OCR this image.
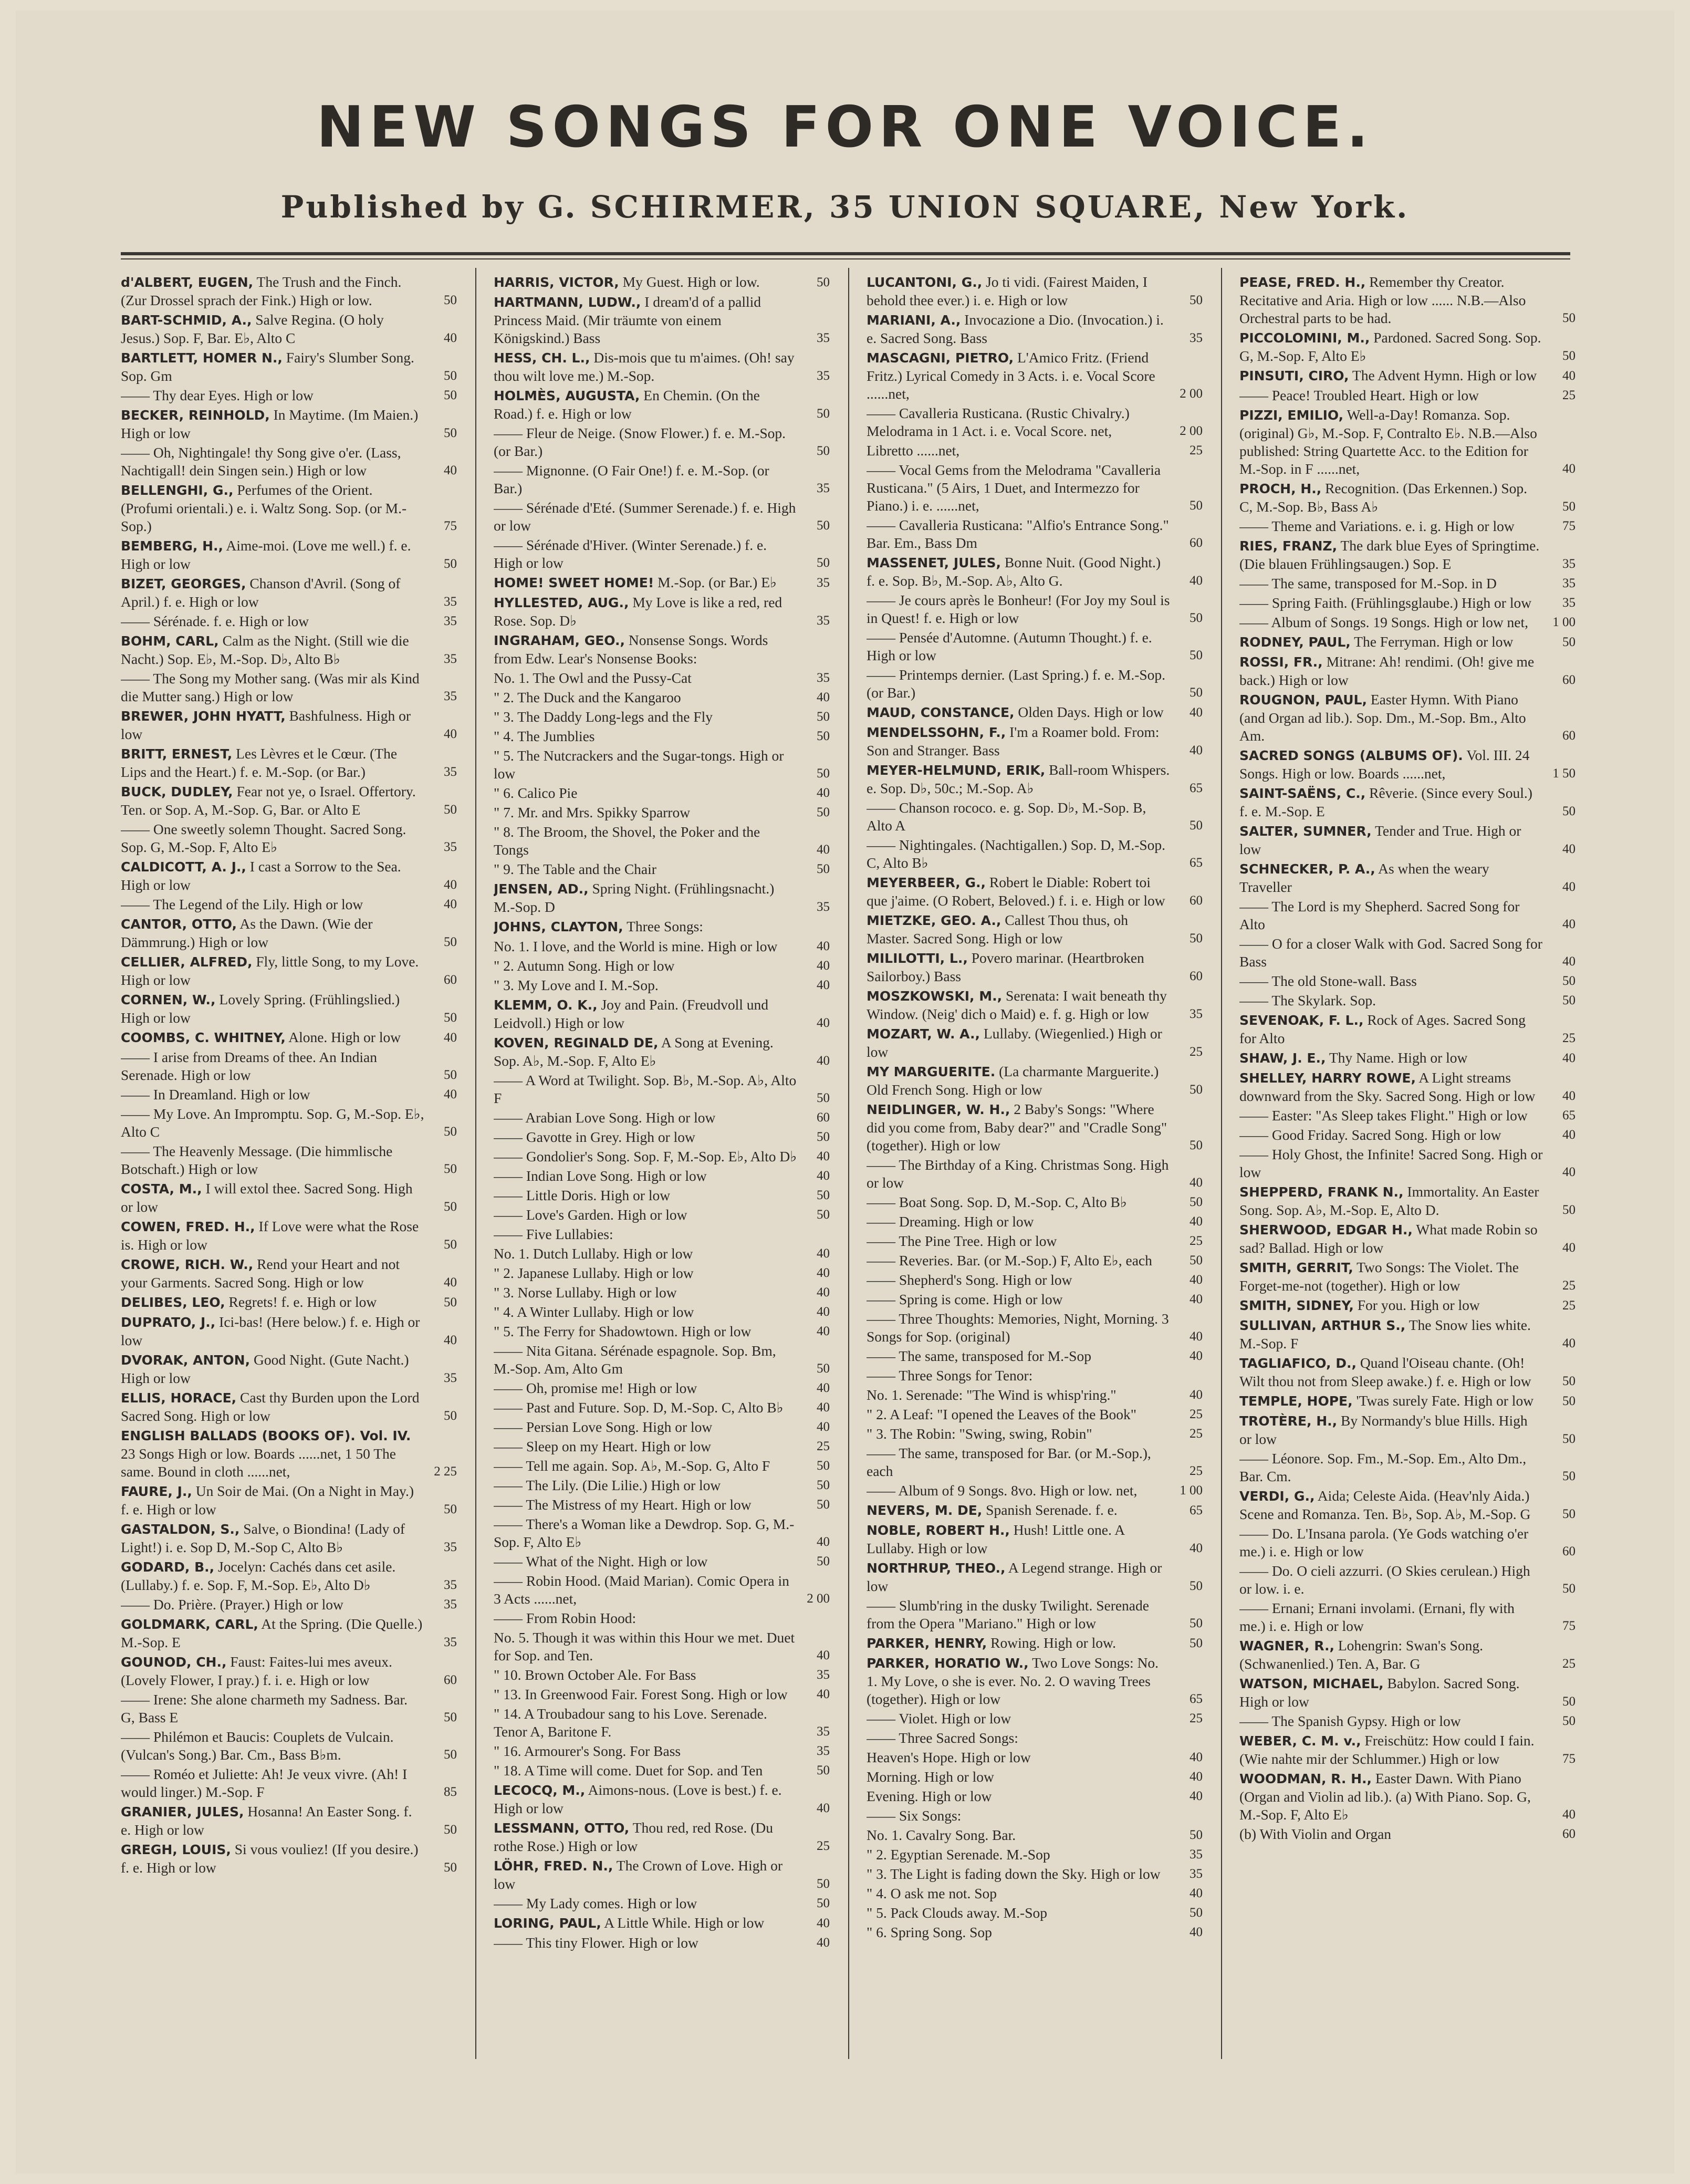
NEW SONGS FOR ONE VOICE.
Published by G. SCHIRMER, 35 UNION SQUARE, New York.
d'ALBERT, EUGEN, The Trush and the Finch. (Zur Drossel sprach der Fink.) High or low.	50
BART-SCHMID, A., Salve Regina. (O holy Jesus.) Sop. F, Bar. E♭, Alto C	40
BARTLETT, HOMER N., Fairy's Slumber Song. Sop. Gm	50
—— Thy dear Eyes. High or low	50
BECKER, REINHOLD, In Maytime. (Im Maien.) High or low	50
—— Oh, Nightingale! thy Song give o'er. (Lass, Nachtigall! dein Singen sein.) High or low	40
BELLENGHI, G., Perfumes of the Orient. (Profumi orientali.) e. i. Waltz Song. Sop. (or M.-Sop.)	75
BEMBERG, H., Aime-moi. (Love me well.) f. e. High or low	50
BIZET, GEORGES, Chanson d'Avril. (Song of April.) f. e. High or low	35
—— Sérénade. f. e. High or low	35
BOHM, CARL, Calm as the Night. (Still wie die Nacht.) Sop. E♭, M.-Sop. D♭, Alto B♭	35
—— The Song my Mother sang. (Was mir als Kind die Mutter sang.) High or low	35
BREWER, JOHN HYATT, Bashfulness. High or low	40
BRITT, ERNEST, Les Lèvres et le Cœur. (The Lips and the Heart.) f. e. M.-Sop. (or Bar.)	35
BUCK, DUDLEY, Fear not ye, o Israel. Offertory. Ten. or Sop. A, M.-Sop. G, Bar. or Alto E	50
—— One sweetly solemn Thought. Sacred Song. Sop. G, M.-Sop. F, Alto E♭	35
CALDICOTT, A. J., I cast a Sorrow to the Sea. High or low	40
—— The Legend of the Lily. High or low	40
CANTOR, OTTO, As the Dawn. (Wie der Dämmrung.) High or low	50
CELLIER, ALFRED, Fly, little Song, to my Love. High or low	60
CORNEN, W., Lovely Spring. (Frühlingslied.) High or low	50
COOMBS, C. WHITNEY, Alone. High or low	40
—— I arise from Dreams of thee. An Indian Serenade. High or low	50
—— In Dreamland. High or low	40
—— My Love. An Impromptu. Sop. G, M.-Sop. E♭, Alto C	50
—— The Heavenly Message. (Die himmlische Botschaft.) High or low	50
COSTA, M., I will extol thee. Sacred Song. High or low	50
COWEN, FRED. H., If Love were what the Rose is. High or low	50
CROWE, RICH. W., Rend your Heart and not your Garments. Sacred Song. High or low	40
DELIBES, LEO, Regrets! f. e. High or low	50
DUPRATO, J., Ici-bas! (Here below.) f. e. High or low	40
DVORAK, ANTON, Good Night. (Gute Nacht.) High or low	35
ELLIS, HORACE, Cast thy Burden upon the Lord Sacred Song. High or low	50
ENGLISH BALLADS (BOOKS OF). Vol. IV. 23 Songs High or low. Boards ......net, 1 50 The same. Bound in cloth ......net,	2 25
FAURE, J., Un Soir de Mai. (On a Night in May.) f. e. High or low	50
GASTALDON, S., Salve, o Biondina! (Lady of Light!) i. e. Sop D, M.-Sop C, Alto B♭	35
GODARD, B., Jocelyn: Cachés dans cet asile. (Lullaby.) f. e. Sop. F, M.-Sop. E♭, Alto D♭	35
—— Do. Prière. (Prayer.) High or low	35
GOLDMARK, CARL, At the Spring. (Die Quelle.) M.-Sop. E	35
GOUNOD, CH., Faust: Faites-lui mes aveux. (Lovely Flower, I pray.) f. i. e. High or low	60
—— Irene: She alone charmeth my Sadness. Bar. G, Bass E	50
—— Philémon et Baucis: Couplets de Vulcain. (Vulcan's Song.) Bar. Cm., Bass B♭m.	50
—— Roméo et Juliette: Ah! Je veux vivre. (Ah! I would linger.) M.-Sop. F	85
GRANIER, JULES, Hosanna! An Easter Song. f. e. High or low	50
GREGH, LOUIS, Si vous vouliez! (If you desire.) f. e. High or low	50
HARRIS, VICTOR, My Guest. High or low.	50
HARTMANN, LUDW., I dream'd of a pallid Princess Maid. (Mir träumte von einem Königskind.) Bass	35
HESS, CH. L., Dis-mois que tu m'aimes. (Oh! say thou wilt love me.) M.-Sop.	35
HOLMÈS, AUGUSTA, En Chemin. (On the Road.) f. e. High or low	50
—— Fleur de Neige. (Snow Flower.) f. e. M.-Sop. (or Bar.)	50
—— Mignonne. (O Fair One!) f. e. M.-Sop. (or Bar.)	35
—— Sérénade d'Eté. (Summer Serenade.) f. e. High or low	50
—— Sérénade d'Hiver. (Winter Serenade.) f. e. High or low	50
HOME! SWEET HOME! M.-Sop. (or Bar.) E♭	35
HYLLESTED, AUG., My Love is like a red, red Rose. Sop. D♭	35
INGRAHAM, GEO., Nonsense Songs. Words from Edw. Lear's Nonsense Books:
No. 1. The Owl and the Pussy-Cat	35
" 2. The Duck and the Kangaroo	40
" 3. The Daddy Long-legs and the Fly	50
" 4. The Jumblies	50
" 5. The Nutcrackers and the Sugar-tongs. High or low	50
" 6. Calico Pie	40
" 7. Mr. and Mrs. Spikky Sparrow	50
" 8. The Broom, the Shovel, the Poker and the Tongs	40
" 9. The Table and the Chair	50
JENSEN, AD., Spring Night. (Frühlingsnacht.) M.-Sop. D	35
JOHNS, CLAYTON, Three Songs:
No. 1. I love, and the World is mine. High or low	40
" 2. Autumn Song. High or low	40
" 3. My Love and I. M.-Sop.	40
KLEMM, O. K., Joy and Pain. (Freudvoll und Leidvoll.) High or low	40
KOVEN, REGINALD DE, A Song at Evening. Sop. A♭, M.-Sop. F, Alto E♭	40
—— A Word at Twilight. Sop. B♭, M.-Sop. A♭, Alto F	50
—— Arabian Love Song. High or low	60
—— Gavotte in Grey. High or low	50
—— Gondolier's Song. Sop. F, M.-Sop. E♭, Alto D♭	40
—— Indian Love Song. High or low	40
—— Little Doris. High or low	50
—— Love's Garden. High or low	50
—— Five Lullabies:
No. 1. Dutch Lullaby. High or low	40
" 2. Japanese Lullaby. High or low	40
" 3. Norse Lullaby. High or low	40
" 4. A Winter Lullaby. High or low	40
" 5. The Ferry for Shadowtown. High or low	40
—— Nita Gitana. Sérénade espagnole. Sop. Bm, M.-Sop. Am, Alto Gm	50
—— Oh, promise me! High or low	40
—— Past and Future. Sop. D, M.-Sop. C, Alto B♭	40
—— Persian Love Song. High or low	40
—— Sleep on my Heart. High or low	25
—— Tell me again. Sop. A♭, M.-Sop. G, Alto F	50
—— The Lily. (Die Lilie.) High or low	50
—— The Mistress of my Heart. High or low	50
—— There's a Woman like a Dewdrop. Sop. G, M.-Sop. F, Alto E♭	40
—— What of the Night. High or low	50
—— Robin Hood. (Maid Marian). Comic Opera in 3 Acts ......net,	2 00
—— From Robin Hood:
No. 5. Though it was within this Hour we met. Duet for Sop. and Ten.	40
" 10. Brown October Ale. For Bass	35
" 13. In Greenwood Fair. Forest Song. High or low	40
" 14. A Troubadour sang to his Love. Serenade. Tenor A, Baritone F.	35
" 16. Armourer's Song. For Bass	35
" 18. A Time will come. Duet for Sop. and Ten	50
LECOCQ, M., Aimons-nous. (Love is best.) f. e. High or low	40
LESSMANN, OTTO, Thou red, red Rose. (Du rothe Rose.) High or low	25
LÖHR, FRED. N., The Crown of Love. High or low	50
—— My Lady comes. High or low	50
LORING, PAUL, A Little While. High or low	40
—— This tiny Flower. High or low	40
LUCANTONI, G., Jo ti vidi. (Fairest Maiden, I behold thee ever.) i. e. High or low	50
MARIANI, A., Invocazione a Dio. (Invocation.) i. e. Sacred Song. Bass	35
MASCAGNI, PIETRO, L'Amico Fritz. (Friend Fritz.) Lyrical Comedy in 3 Acts. i. e. Vocal Score ......net,	2 00
—— Cavalleria Rusticana. (Rustic Chivalry.) Melodrama in 1 Act. i. e. Vocal Score. net,	2 00
Libretto ......net,	25
—— Vocal Gems from the Melodrama "Cavalleria Rusticana." (5 Airs, 1 Duet, and Intermezzo for Piano.) i. e. ......net,	50
—— Cavalleria Rusticana: "Alfio's Entrance Song." Bar. Em., Bass Dm	60
MASSENET, JULES, Bonne Nuit. (Good Night.) f. e. Sop. B♭, M.-Sop. A♭, Alto G.	40
—— Je cours après le Bonheur! (For Joy my Soul is in Quest! f. e. High or low	50
—— Pensée d'Automne. (Autumn Thought.) f. e. High or low	50
—— Printemps dernier. (Last Spring.) f. e. M.-Sop. (or Bar.)	50
MAUD, CONSTANCE, Olden Days. High or low	40
MENDELSSOHN, F., I'm a Roamer bold. From: Son and Stranger. Bass	40
MEYER-HELMUND, ERIK, Ball-room Whispers. e. Sop. D♭, 50c.; M.-Sop. A♭	65
—— Chanson rococo. e. g. Sop. D♭, M.-Sop. B, Alto A	50
—— Nightingales. (Nachtigallen.) Sop. D, M.-Sop. C, Alto B♭	65
MEYERBEER, G., Robert le Diable: Robert toi que j'aime. (O Robert, Beloved.) f. i. e. High or low	60
MIETZKE, GEO. A., Callest Thou thus, oh Master. Sacred Song. High or low	50
MILILOTTI, L., Povero marinar. (Heartbroken Sailorboy.) Bass	60
MOSZKOWSKI, M., Serenata: I wait beneath thy Window. (Neig' dich o Maid) e. f. g. High or low	35
MOZART, W. A., Lullaby. (Wiegenlied.) High or low	25
MY MARGUERITE. (La charmante Marguerite.) Old French Song. High or low	50
NEIDLINGER, W. H., 2 Baby's Songs: "Where did you come from, Baby dear?" and "Cradle Song" (together). High or low	50
—— The Birthday of a King. Christmas Song. High or low	40
—— Boat Song. Sop. D, M.-Sop. C, Alto B♭	50
—— Dreaming. High or low	40
—— The Pine Tree. High or low	25
—— Reveries. Bar. (or M.-Sop.) F, Alto E♭, each	50
—— Shepherd's Song. High or low	40
—— Spring is come. High or low	40
—— Three Thoughts: Memories, Night, Morning. 3 Songs for Sop. (original)	40
—— The same, transposed for M.-Sop	40
—— Three Songs for Tenor:
No. 1. Serenade: "The Wind is whisp'ring."	40
" 2. A Leaf: "I opened the Leaves of the Book"	25
" 3. The Robin: "Swing, swing, Robin"	25
—— The same, transposed for Bar. (or M.-Sop.), each	25
—— Album of 9 Songs. 8vo. High or low. net,	1 00
NEVERS, M. DE, Spanish Serenade. f. e.	65
NOBLE, ROBERT H., Hush! Little one. A Lullaby. High or low	40
NORTHRUP, THEO., A Legend strange. High or low	50
—— Slumb'ring in the dusky Twilight. Serenade from the Opera "Mariano." High or low	50
PARKER, HENRY, Rowing. High or low.	50
PARKER, HORATIO W., Two Love Songs: No. 1. My Love, o she is ever. No. 2. O waving Trees (together). High or low	65
—— Violet. High or low	25
—— Three Sacred Songs:
Heaven's Hope. High or low	40
Morning. High or low	40
Evening. High or low	40
—— Six Songs:
No. 1. Cavalry Song. Bar.	50
" 2. Egyptian Serenade. M.-Sop	35
" 3. The Light is fading down the Sky. High or low	35
" 4. O ask me not. Sop	40
" 5. Pack Clouds away. M.-Sop	50
" 6. Spring Song. Sop	40
PEASE, FRED. H., Remember thy Creator. Recitative and Aria. High or low ...... N.B.—Also Orchestral parts to be had.	50
PICCOLOMINI, M., Pardoned. Sacred Song. Sop. G, M.-Sop. F, Alto E♭	50
PINSUTI, CIRO, The Advent Hymn. High or low	40
—— Peace! Troubled Heart. High or low	25
PIZZI, EMILIO, Well-a-Day! Romanza. Sop. (original) G♭, M.-Sop. F, Contralto E♭. N.B.—Also published: String Quartette Acc. to the Edition for M.-Sop. in F ......net,	40
PROCH, H., Recognition. (Das Erkennen.) Sop. C, M.-Sop. B♭, Bass A♭	50
—— Theme and Variations. e. i. g. High or low	75
RIES, FRANZ, The dark blue Eyes of Springtime. (Die blauen Frühlingsaugen.) Sop. E	35
—— The same, transposed for M.-Sop. in D	35
—— Spring Faith. (Frühlingsglaube.) High or low	35
—— Album of Songs. 19 Songs. High or low net,	1 00
RODNEY, PAUL, The Ferryman. High or low	50
ROSSI, FR., Mitrane: Ah! rendimi. (Oh! give me back.) High or low	60
ROUGNON, PAUL, Easter Hymn. With Piano (and Organ ad lib.). Sop. Dm., M.-Sop. Bm., Alto Am.	60
SACRED SONGS (ALBUMS OF). Vol. III. 24 Songs. High or low. Boards ......net,	1 50
SAINT-SAËNS, C., Rêverie. (Since every Soul.) f. e. M.-Sop. E	50
SALTER, SUMNER, Tender and True. High or low	40
SCHNECKER, P. A., As when the weary Traveller	40
—— The Lord is my Shepherd. Sacred Song for Alto	40
—— O for a closer Walk with God. Sacred Song for Bass	40
—— The old Stone-wall. Bass	50
—— The Skylark. Sop.	50
SEVENOAK, F. L., Rock of Ages. Sacred Song for Alto	25
SHAW, J. E., Thy Name. High or low	40
SHELLEY, HARRY ROWE, A Light streams downward from the Sky. Sacred Song. High or low	40
—— Easter: "As Sleep takes Flight." High or low	65
—— Good Friday. Sacred Song. High or low	40
—— Holy Ghost, the Infinite! Sacred Song. High or low	40
SHEPPERD, FRANK N., Immortality. An Easter Song. Sop. A♭, M.-Sop. E, Alto D.	50
SHERWOOD, EDGAR H., What made Robin so sad? Ballad. High or low	40
SMITH, GERRIT, Two Songs: The Violet. The Forget-me-not (together). High or low	25
SMITH, SIDNEY, For you. High or low	25
SULLIVAN, ARTHUR S., The Snow lies white. M.-Sop. F	40
TAGLIAFICO, D., Quand l'Oiseau chante. (Oh! Wilt thou not from Sleep awake.) f. e. High or low	50
TEMPLE, HOPE, 'Twas surely Fate. High or low	50
TROTÈRE, H., By Normandy's blue Hills. High or low	50
—— Léonore. Sop. Fm., M.-Sop. Em., Alto Dm., Bar. Cm.	50
VERDI, G., Aida; Celeste Aida. (Heav'nly Aida.) Scene and Romanza. Ten. B♭, Sop. A♭, M.-Sop. G	50
—— Do. L'Insana parola. (Ye Gods watching o'er me.) i. e. High or low	60
—— Do. O cieli azzurri. (O Skies cerulean.) High or low. i. e.	50
—— Ernani; Ernani involami. (Ernani, fly with me.) i. e. High or low	75
WAGNER, R., Lohengrin: Swan's Song. (Schwanenlied.) Ten. A, Bar. G	25
WATSON, MICHAEL, Babylon. Sacred Song. High or low	50
—— The Spanish Gypsy. High or low	50
WEBER, C. M. v., Freischütz: How could I fain. (Wie nahte mir der Schlummer.) High or low	75
WOODMAN, R. H., Easter Dawn. With Piano (Organ and Violin ad lib.). (a) With Piano. Sop. G, M.-Sop. F, Alto E♭	40
(b) With Violin and Organ	60
